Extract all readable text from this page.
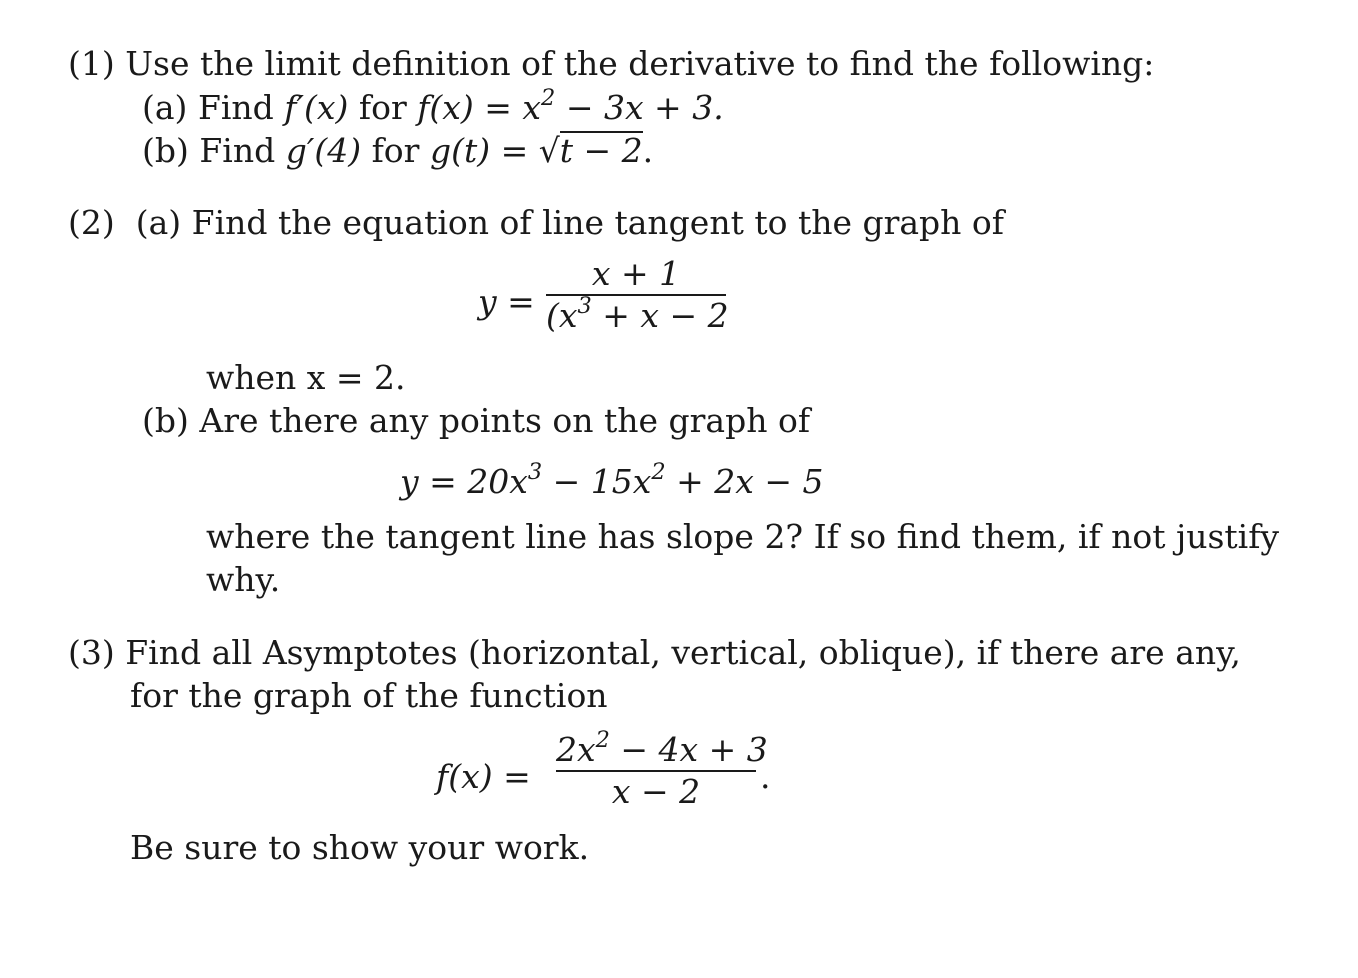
(1) Use the limit definition of the derivative to find the following:
(a) Find f′(x) for $f(x) = x^2 - 3x + 3$.
(b) Find g′(4) for g(t) = √t − 2.
(2) (a) Find the equation of line tangent to the graph of
y =
x + 1
($x^3 + x - 2$
when x = 2.
(b) Are there any points on the graph of
$y = 20x^3 - 15x^2 + 2x - 5$
where the tangent line has slope 2? If so find them, if not justify
why.
(3) Find all Asymptotes (horizontal, vertical, oblique), if there are any,
for the graph of the function
f(x) =
$2x^2 - 4x + 3$
x − 2	.
Be sure to show your work.
